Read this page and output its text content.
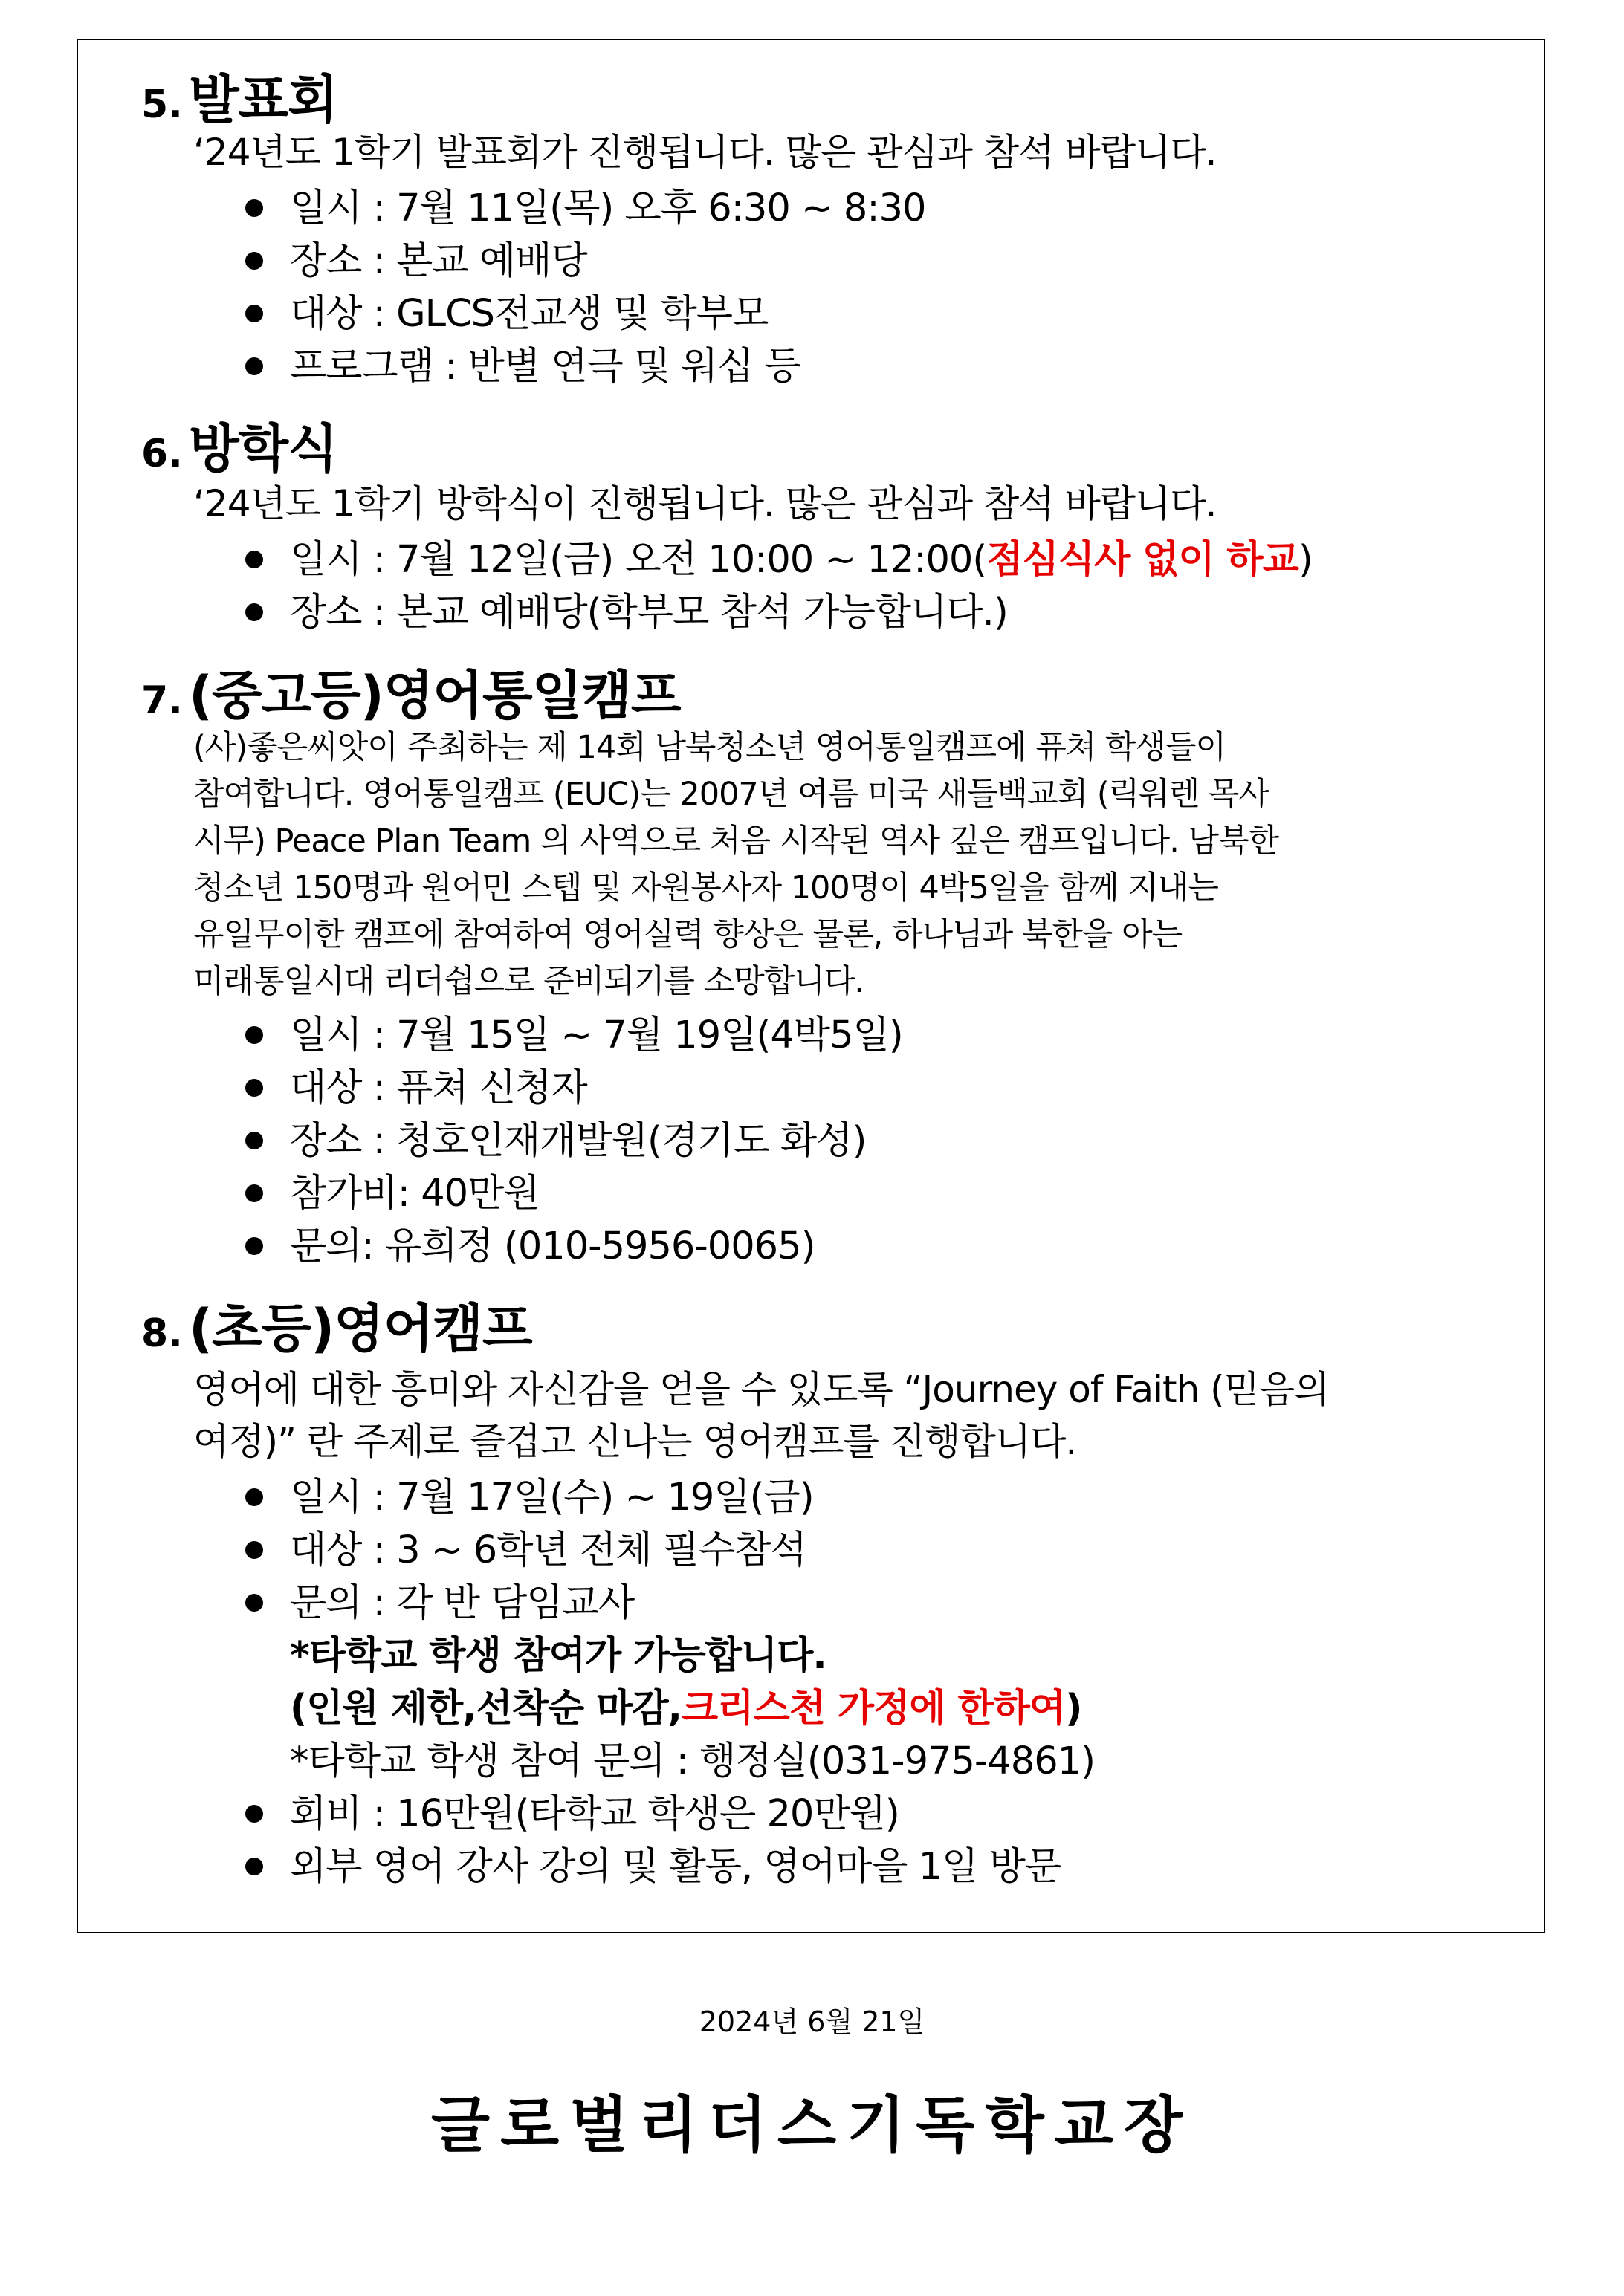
5. 발표회

‘24년도 1학기 발표회가 진행됩니다. 많은 관심과 참석 바랍니다.

일시 : 7월 11일(목) 오후 6:30 ~ 8:30
장소 : 본교 예배당
대상 : GLCS전교생 및 학부모
프로그램 : 반별 연극 및 워십 등
6. 방학식

‘24년도 1학기 방학식이 진행됩니다. 많은 관심과 참석 바랍니다.

일시 : 7월 12일(금) 오전 10:00 ~ 12:00(점심식사 없이 하교)
장소 : 본교 예배당(학부모 참석 가능합니다.)
7. (중고등)영어통일캠프

(사)좋은씨앗이 주최하는 제 14회 남북청소년 영어통일캠프에 퓨쳐 학생들이
참여합니다. 영어통일캠프 (EUC)는 2007년 여름 미국 새들백교회 (릭워렌 목사
시무) Peace Plan Team 의 사역으로 처음 시작된 역사 깊은 캠프입니다. 남북한
청소년 150명과 원어민 스텝 및 자원봉사자 100명이 4박5일을 함께 지내는
유일무이한 캠프에 참여하여 영어실력 향상은 물론, 하나님과 북한을 아는
미래통일시대 리더쉽으로 준비되기를 소망합니다.

일시 : 7월 15일 ~ 7월 19일(4박5일)
대상 : 퓨쳐 신청자
장소 : 청호인재개발원(경기도 화성)
참가비: 40만원
문의: 유희정 (010-5956-0065)
8. (초등)영어캠프

영어에 대한 흥미와 자신감을 얻을 수 있도록 “Journey of Faith (믿음의
여정)” 란 주제로 즐겁고 신나는 영어캠프를 진행합니다.

일시 : 7월 17일(수) ~ 19일(금)
대상 : 3 ~ 6학년 전체 필수참석
문의 : 각 반 담임교사
*타학교 학생 참여가 가능합니다.
(인원 제한,선착순 마감,크리스천 가정에 한하여)
*타학교 학생 참여 문의 : 행정실(031-975-4861)
회비 : 16만원(타학교 학생은 20만원)
외부 영어 강사 강의 및 활동, 영어마을 1일 방문

2024년 6월 21일

글로벌리더스기독학교장
